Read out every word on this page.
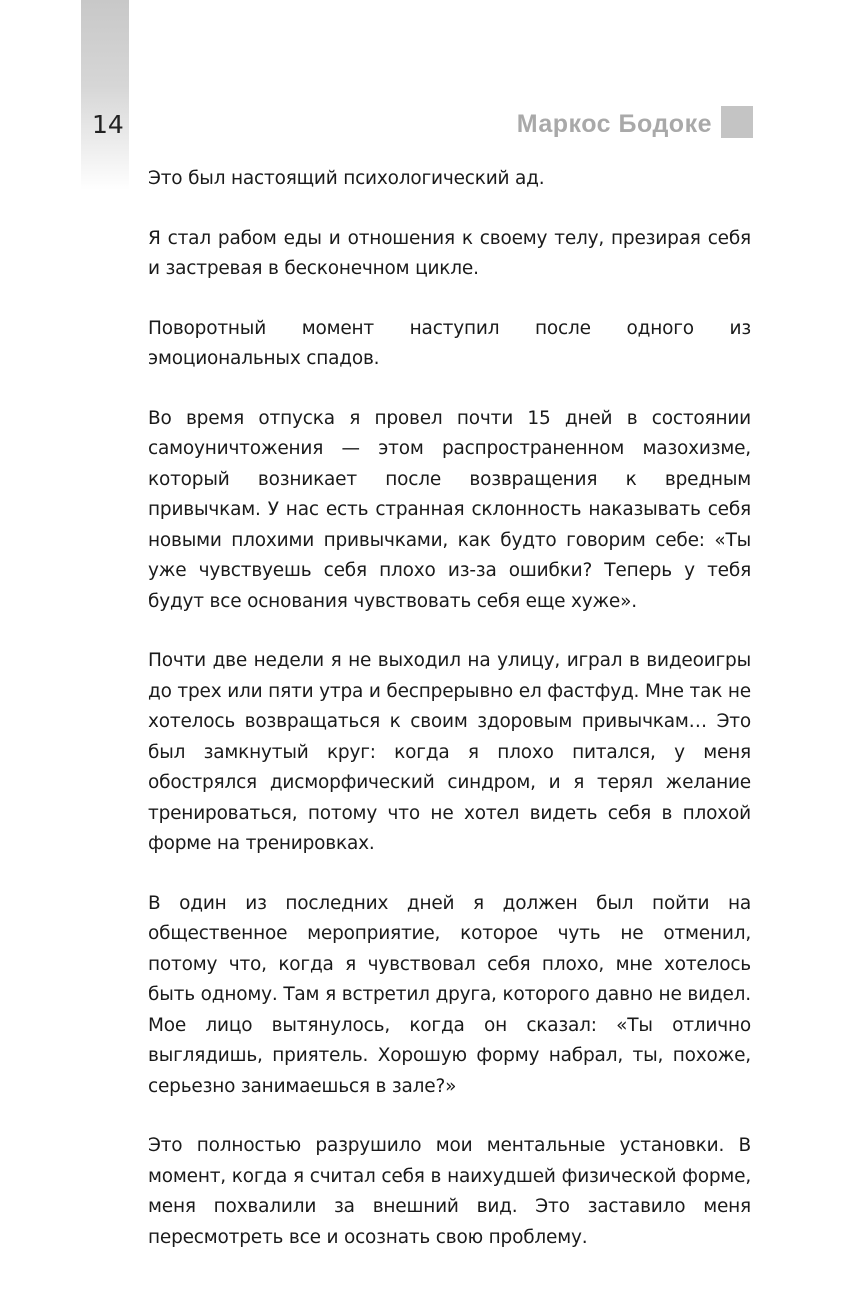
14	Маркос Бодоке

Это был настоящий психологический ад.

Я стал рабом еды и отношения к своему телу, презирая себя и застревая в бесконечном цикле.

Поворотный момент наступил после одного из эмоциональных спадов.

Во время отпуска я провел почти 15 дней в состоянии самоуничтожения — этом распространенном мазохизме, который возникает после возвращения к вредным привычкам. У нас есть странная склонность наказывать себя новыми плохими привычками, как будто говорим себе: «Ты уже чувствуешь себя плохо из-за ошибки? Теперь у тебя будут все основания чувствовать себя еще хуже».

Почти две недели я не выходил на улицу, играл в видеоигры до трех или пяти утра и беспрерывно ел фастфуд. Мне так не хотелось возвращаться к своим здоровым привычкам… Это был замкнутый круг: когда я плохо питался, у меня обострялся дисморфический синдром, и я терял желание тренироваться, потому что не хотел видеть себя в плохой форме на тренировках.

В один из последних дней я должен был пойти на общественное мероприятие, которое чуть не отменил, потому что, когда я чувствовал себя плохо, мне хотелось быть одному. Там я встретил друга, которого давно не видел. Мое лицо вытянулось, когда он сказал: «Ты отлично выглядишь, приятель. Хорошую форму набрал, ты, похоже, серьезно занимаешься в зале?»

Это полностью разрушило мои ментальные установки. В момент, когда я считал себя в наихудшей физической форме, меня похвалили за внешний вид. Это заставило меня пересмотреть все и осознать свою проблему.
